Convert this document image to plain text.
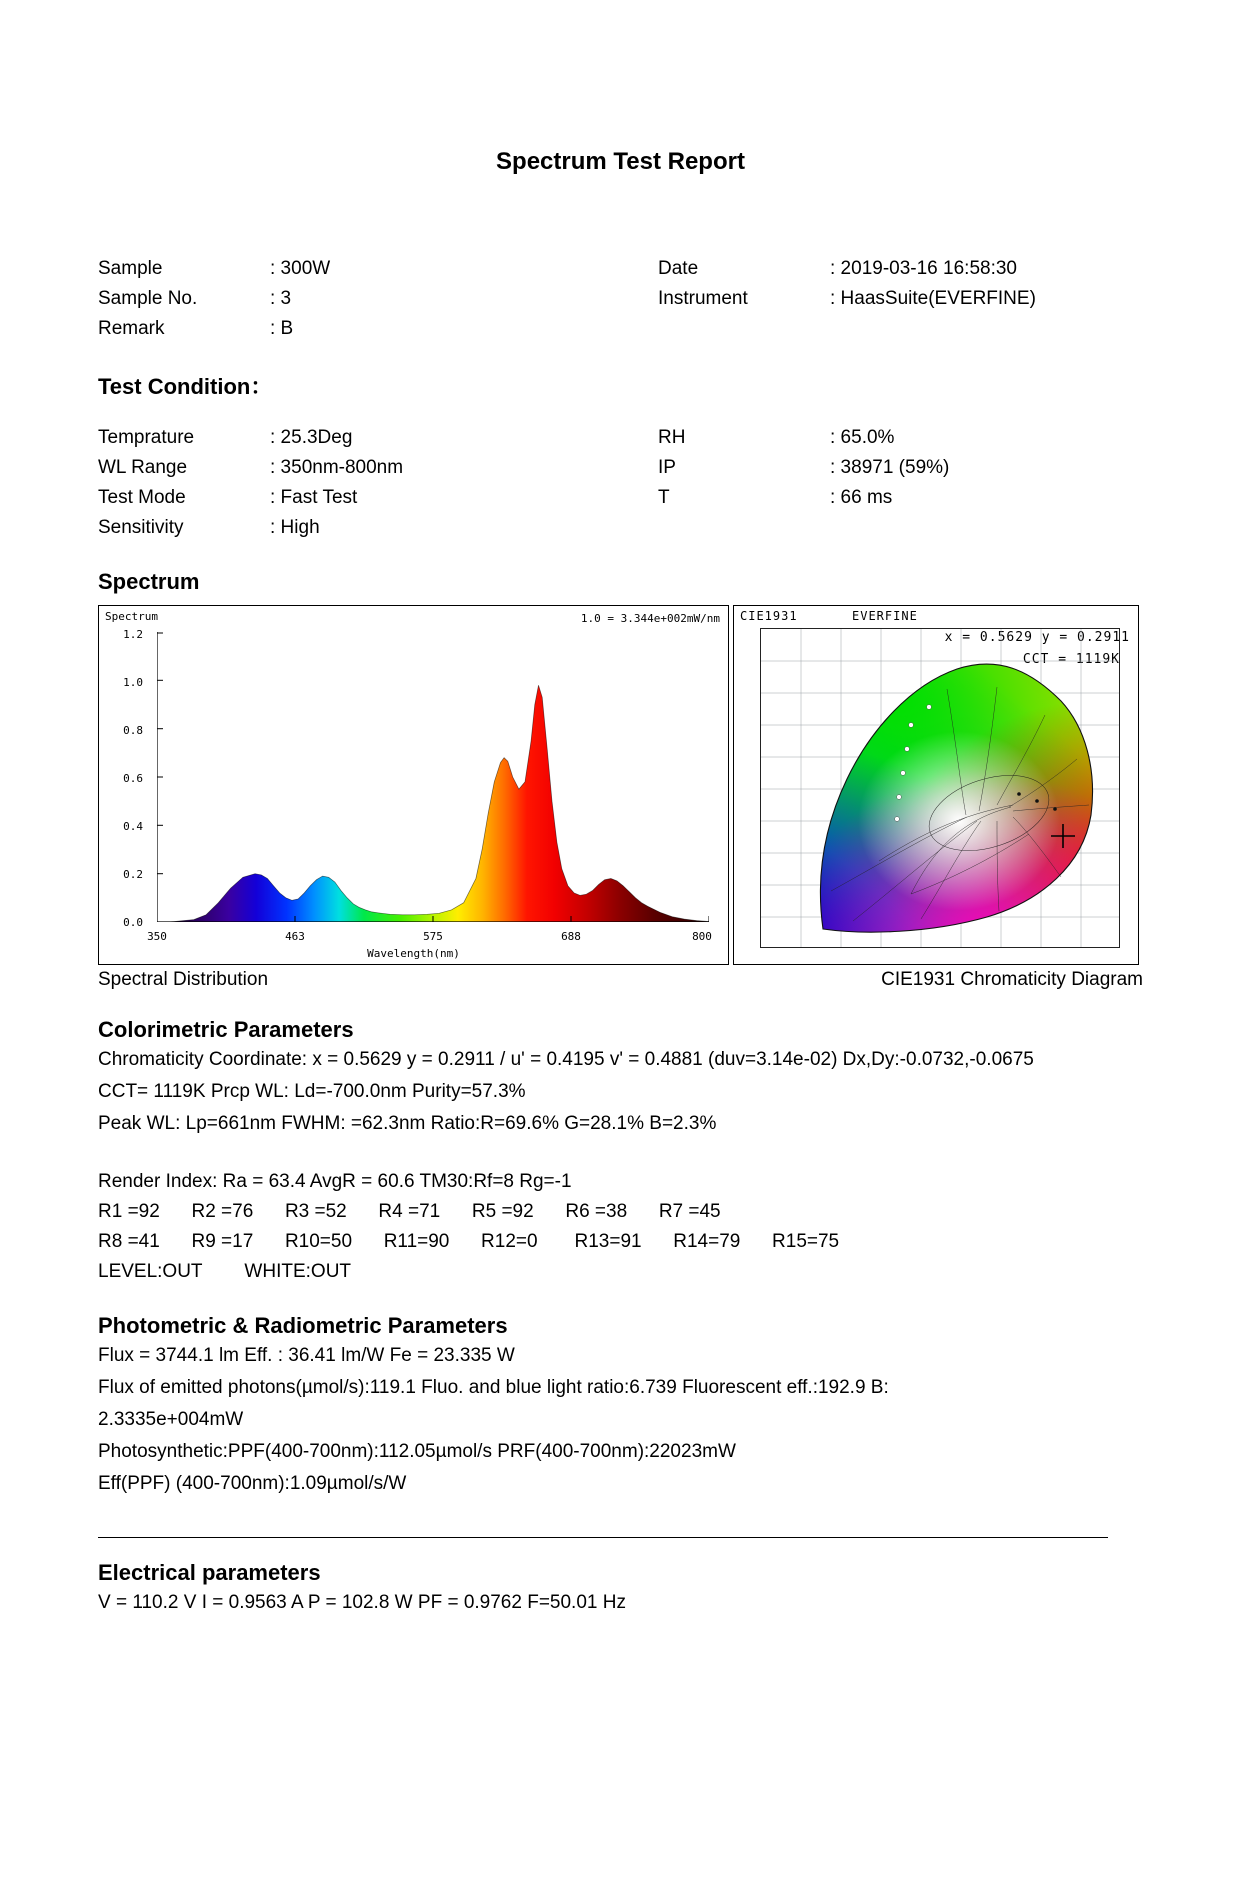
Spectrum Test Report
Sample	: 300W	Date	: 2019-03-16 16:58:30
Sample No.	: 3	Instrument	: HaasSuite(EVERFINE)
Remark	: B
Test Condition：
Temprature	: 25.3Deg	RH	: 65.0%
WL Range	: 350nm-800nm	IP	: 38971 (59%)
Test Mode	: Fast Test	T	: 66 ms
Sensitivity	: High
Spectrum
Spectrum	1.0 = 3.344e+002mW/nm
1.2
1.0
0.8
0.6
0.4
0.2
0.0
350	463	575	688	800
Wavelength(nm)
CIE1931	EVERFINE
x = 0.5629 y = 0.2911
CCT = 1119K
Spectral Distribution	CIE1931 Chromaticity Diagram
Colorimetric Parameters

Chromaticity Coordinate: x = 0.5629 y = 0.2911 / u' = 0.4195 v' = 0.4881 (duv=3.14e-02) Dx,Dy:-0.0732,-0.0675

CCT= 1119K Prcp WL: Ld=-700.0nm Purity=57.3%

Peak WL: Lp=661nm FWHM: =62.3nm Ratio:R=69.6% G=28.1% B=2.3%

Render Index: Ra = 63.4 AvgR = 60.6 TM30:Rf=8 Rg=-1

R1 =92      R2 =76      R3 =52      R4 =71      R5 =92      R6 =38      R7 =45
R8 =41      R9 =17      R10=50      R11=90      R12=0       R13=91      R14=79      R15=75
LEVEL:OUT        WHITE:OUT
Photometric & Radiometric Parameters

Flux = 3744.1 lm Eff. : 36.41 lm/W Fe = 23.335 W

Flux of emitted photons(µmol/s):119.1 Fluo. and blue light ratio:6.739 Fluorescent eff.:192.9 B:

2.3335e+004mW

Photosynthetic:PPF(400-700nm):112.05µmol/s PRF(400-700nm):22023mW

Eff(PPF) (400-700nm):1.09µmol/s/W

Electrical parameters

V = 110.2 V I = 0.9563 A P = 102.8 W PF = 0.9762 F=50.01 Hz
